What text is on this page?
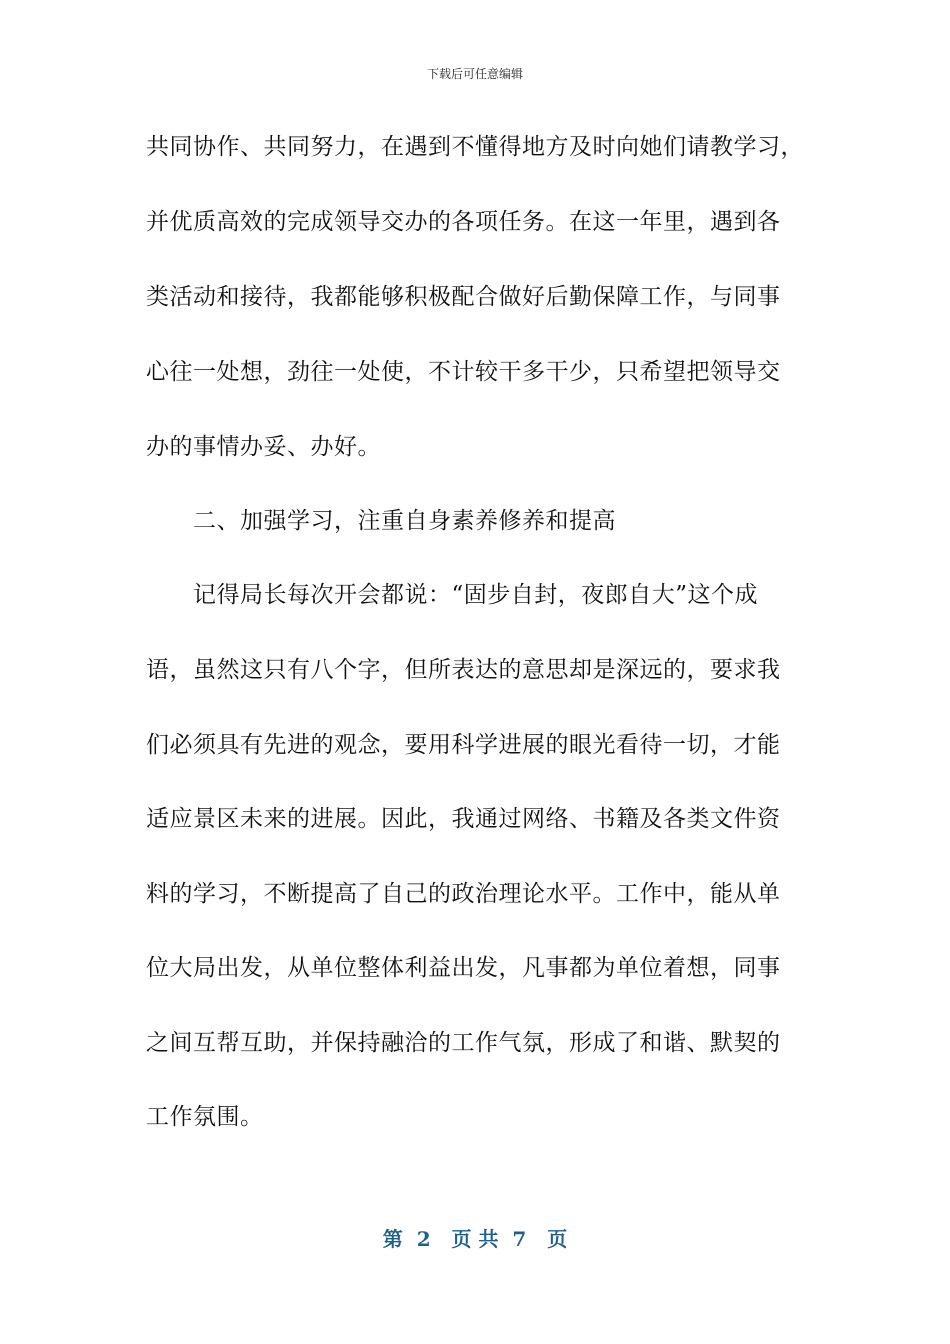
下载后可任意编辑
共同协作、共同努力，在遇到不懂得地方及时向她们请教学习，
并优质高效的完成领导交办的各项任务。在这一年里，遇到各
类活动和接待，我都能够积极配合做好后勤保障工作，与同事
心往一处想，劲往一处使，不计较干多干少，只希望把领导交
办的事情办妥、办好。
二、加强学习，注重自身素养修养和提高
记得局长每次开会都说：“固步自封，夜郎自大”这个成
语，虽然这只有八个字，但所表达的意思却是深远的，要求我
们必须具有先进的观念，要用科学进展的眼光看待一切，才能
适应景区未来的进展。因此，我通过网络、书籍及各类文件资
料的学习，不断提高了自己的政治理论水平。工作中，能从单
位大局出发，从单位整体利益出发，凡事都为单位着想，同事
之间互帮互助，并保持融洽的工作气氛，形成了和谐、默契的
工作氛围。
第  2   页 共  7   页
